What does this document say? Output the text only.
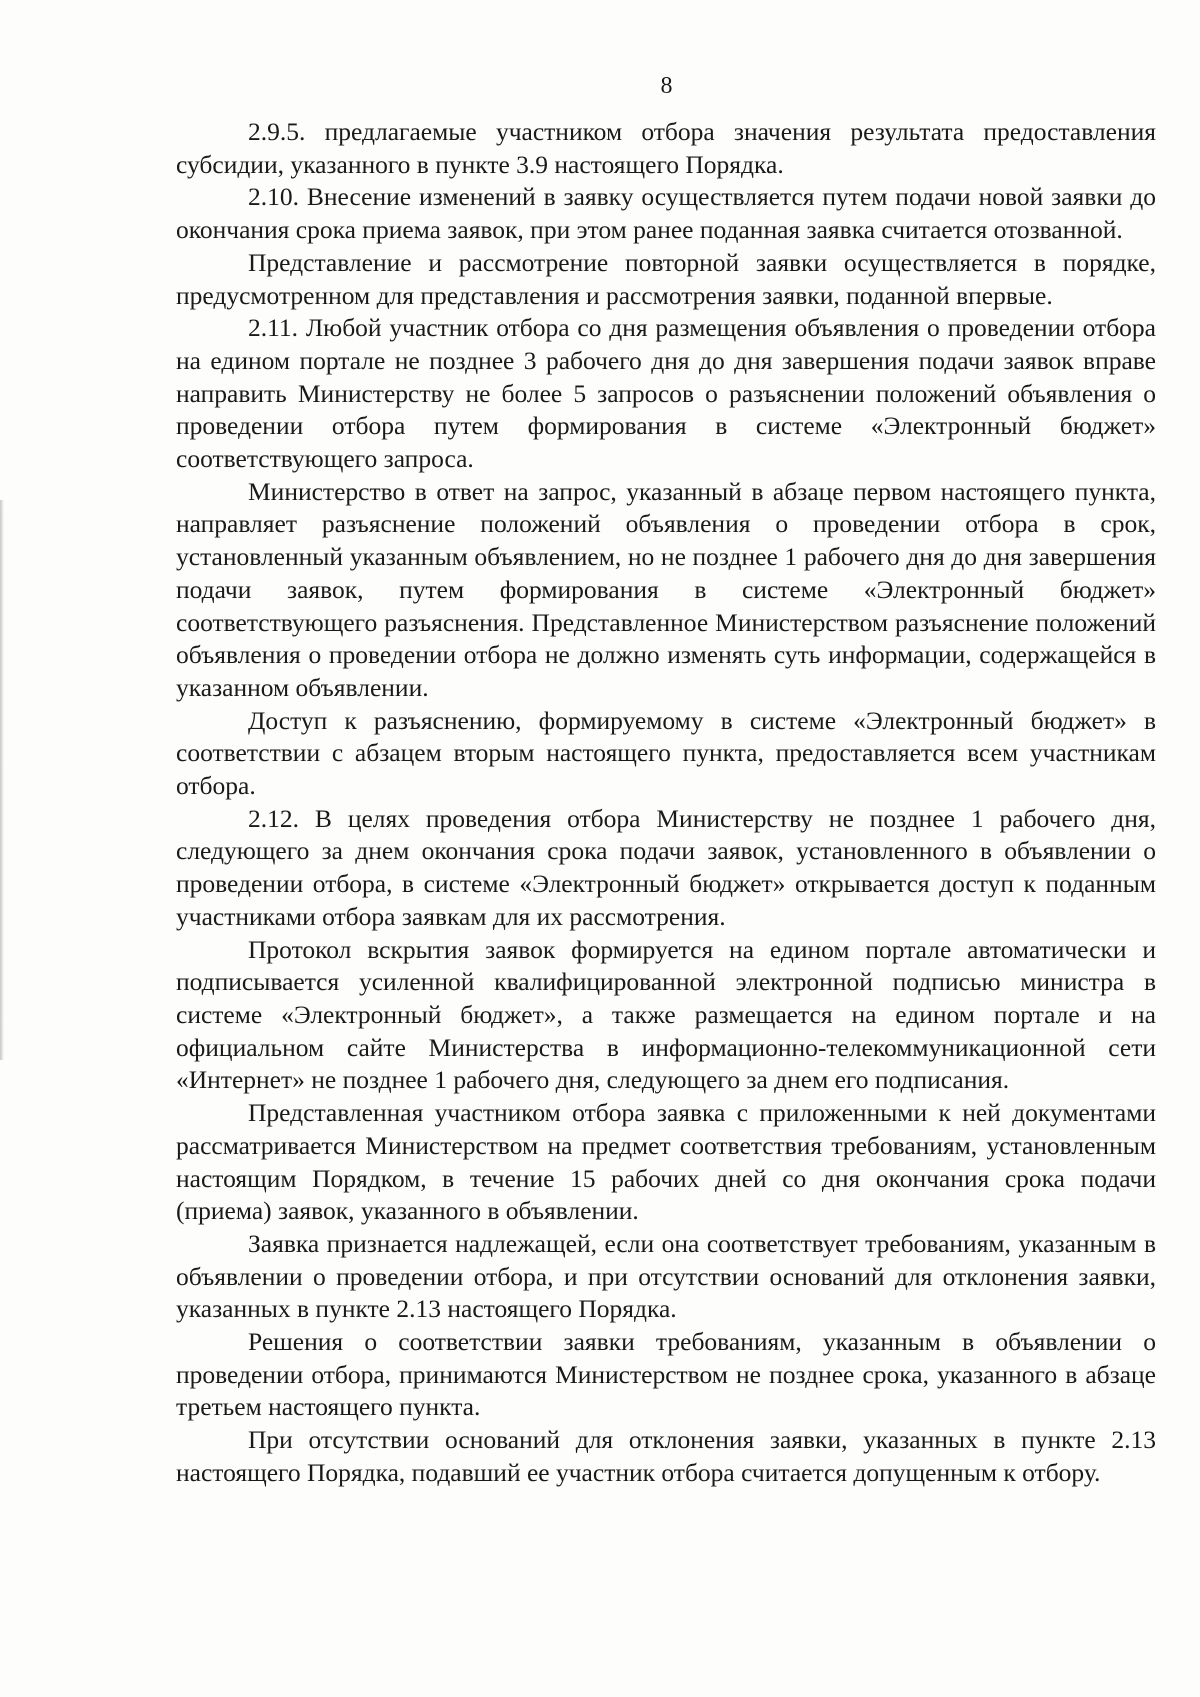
8

2.9.5. предлагаемые участником отбора значения результата предоставления субсидии, указанного в пункте 3.9 настоящего Порядка.

2.10. Внесение изменений в заявку осуществляется путем подачи новой заявки до окончания срока приема заявок, при этом ранее поданная заявка считается отозванной.

Представление и рассмотрение повторной заявки осуществляется в порядке, предусмотренном для представления и рассмотрения заявки, поданной впервые.

2.11. Любой участник отбора со дня размещения объявления о проведении отбора на едином портале не позднее 3 рабочего дня до дня завершения подачи заявок вправе направить Министерству не более 5 запросов о разъяснении положений объявления о проведении отбора путем формирования в системе «Электронный бюджет» соответствующего запроса.

Министерство в ответ на запрос, указанный в абзаце первом настоящего пункта, направляет разъяснение положений объявления о проведении отбора в срок, установленный указанным объявлением, но не позднее 1 рабочего дня до дня завершения подачи заявок, путем формирования в системе «Электронный бюджет» соответствующего разъяснения. Представленное Министерством разъяснение положений объявления о проведении отбора не должно изменять суть информации, содержащейся в указанном объявлении.

Доступ к разъяснению, формируемому в системе «Электронный бюджет» в соответствии с абзацем вторым настоящего пункта, предоставляется всем участникам отбора.

2.12. В целях проведения отбора Министерству не позднее 1 рабочего дня, следующего за днем окончания срока подачи заявок, установленного в объявлении о проведении отбора, в системе «Электронный бюджет» открывается доступ к поданным участниками отбора заявкам для их рассмотрения.

Протокол вскрытия заявок формируется на едином портале автоматически и подписывается усиленной квалифицированной электронной подписью министра в системе «Электронный бюджет», а также размещается на едином портале и на официальном сайте Министерства в информационно-телекоммуникационной сети «Интернет» не позднее 1 рабочего дня, следующего за днем его подписания.

Представленная участником отбора заявка с приложенными к ней документами рассматривается Министерством на предмет соответствия требованиям, установленным настоящим Порядком, в течение 15 рабочих дней со дня окончания срока подачи (приема) заявок, указанного в объявлении.

Заявка признается надлежащей, если она соответствует требованиям, указанным в объявлении о проведении отбора, и при отсутствии оснований для отклонения заявки, указанных в пункте 2.13 настоящего Порядка.

Решения о соответствии заявки требованиям, указанным в объявлении о проведении отбора, принимаются Министерством не позднее срока, указанного в абзаце третьем настоящего пункта.

При отсутствии оснований для отклонения заявки, указанных в пункте 2.13 настоящего Порядка, подавший ее участник отбора считается допущенным к отбору.
